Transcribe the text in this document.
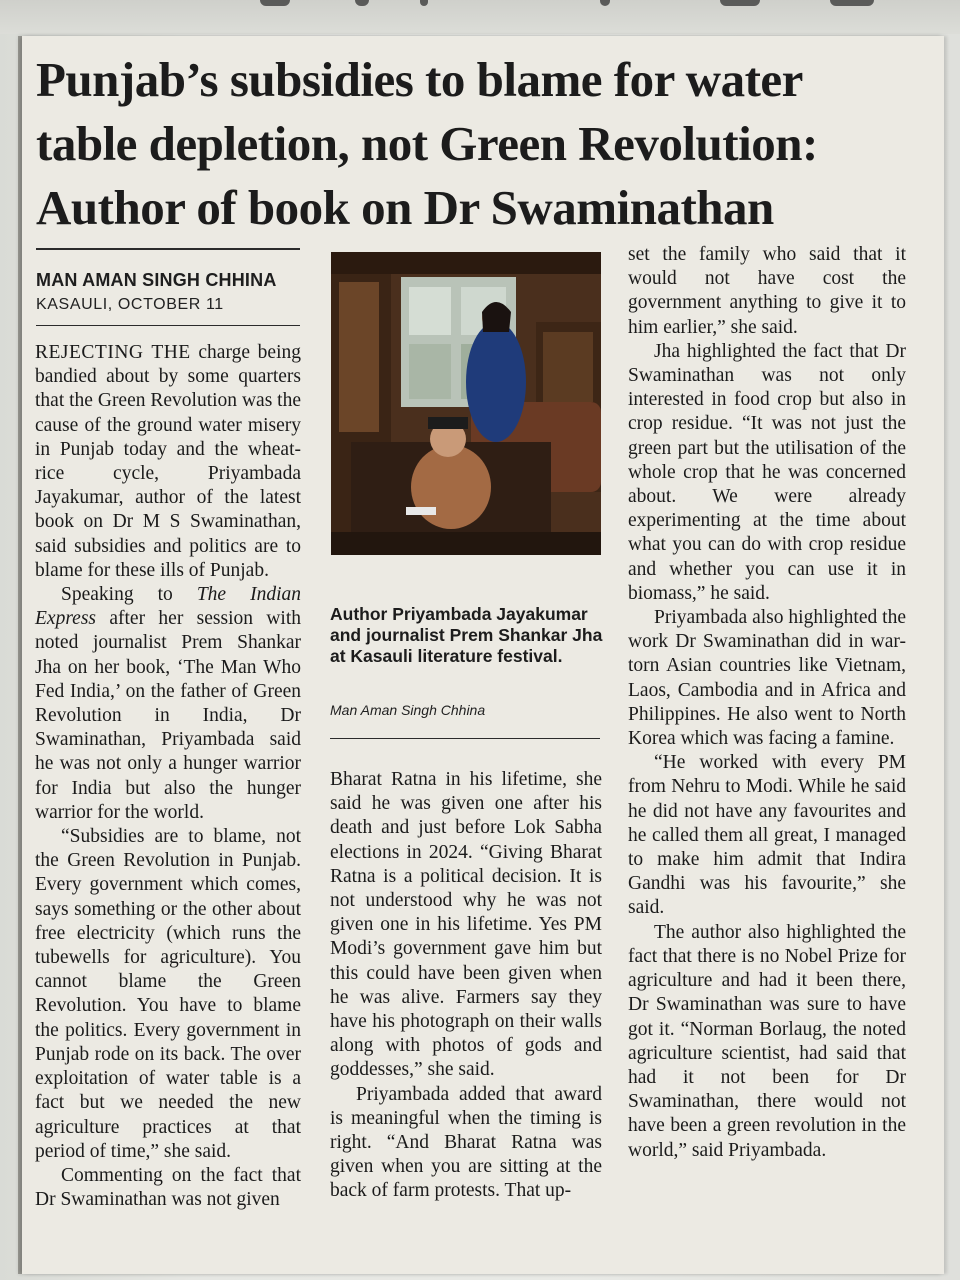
Punjab’s subsidies to blame for water
table depletion, not Green Revolution:
Author of book on Dr Swaminathan
MAN AMAN SINGH CHHINA
KASAULI, OCTOBER 11

REJECTING THE charge being bandied about by some quarters that the Green Revolution was the cause of the ground water misery in Punjab today and the wheat-rice cycle, Priyambada Jayakumar, author of the latest book on Dr M S Swaminathan, said subsidies and politics are to blame for these ills of Punjab.

Speaking to The Indian Express after her session with noted journalist Prem Shankar Jha on her book, ‘The Man Who Fed India,’ on the father of Green Revolution in India, Dr Swaminathan, Priyambada said he was not only a hunger warrior for India but also the hunger warrior for the world.

“Subsidies are to blame, not the Green Revolution in Punjab. Every government which comes, says something or the other about free electricity (which runs the tubewells for agriculture). You cannot blame the Green Revolution. You have to blame the politics. Every government in Punjab rode on its back. The over exploitation of water table is a fact but we needed the new agriculture practices at that period of time,” she said.

Commenting on the fact that Dr Swaminathan was not given

Author Priyambada Jayakumar and journalist Prem Shankar Jha at Kasauli literature festival.
Man Aman Singh Chhina

Bharat Ratna in his lifetime, she said he was given one after his death and just before Lok Sabha elections in 2024. “Giving Bharat Ratna is a political decision. It is not understood why he was not given one in his lifetime. Yes PM Modi’s government gave him but this could have been given when he was alive. Farmers say they have his photograph on their walls along with photos of gods and goddesses,” she said.

Priyambada added that award is meaningful when the timing is right. “And Bharat Ratna was given when you are sitting at the back of farm protests. That up-

set the family who said that it would not have cost the government anything to give it to him earlier,” she said.

Jha highlighted the fact that Dr Swaminathan was not only interested in food crop but also in crop residue. “It was not just the green part but the utilisation of the whole crop that he was concerned about. We were already experimenting at the time about what you can do with crop residue and whether you can use it in biomass,” he said.

Priyambada also highlighted the work Dr Swaminathan did in war-torn Asian countries like Vietnam, Laos, Cambodia and in Africa and Philippines. He also went to North Korea which was facing a famine.

“He worked with every PM from Nehru to Modi. While he said he did not have any favourites and he called them all great, I managed to make him admit that Indira Gandhi was his favourite,” she said.

The author also highlighted the fact that there is no Nobel Prize for agriculture and had it been there, Dr Swaminathan was sure to have got it. “Norman Borlaug, the noted agriculture scientist, had said that had it not been for Dr Swaminathan, there would not have been a green revolution in the world,” said Priyambada.
